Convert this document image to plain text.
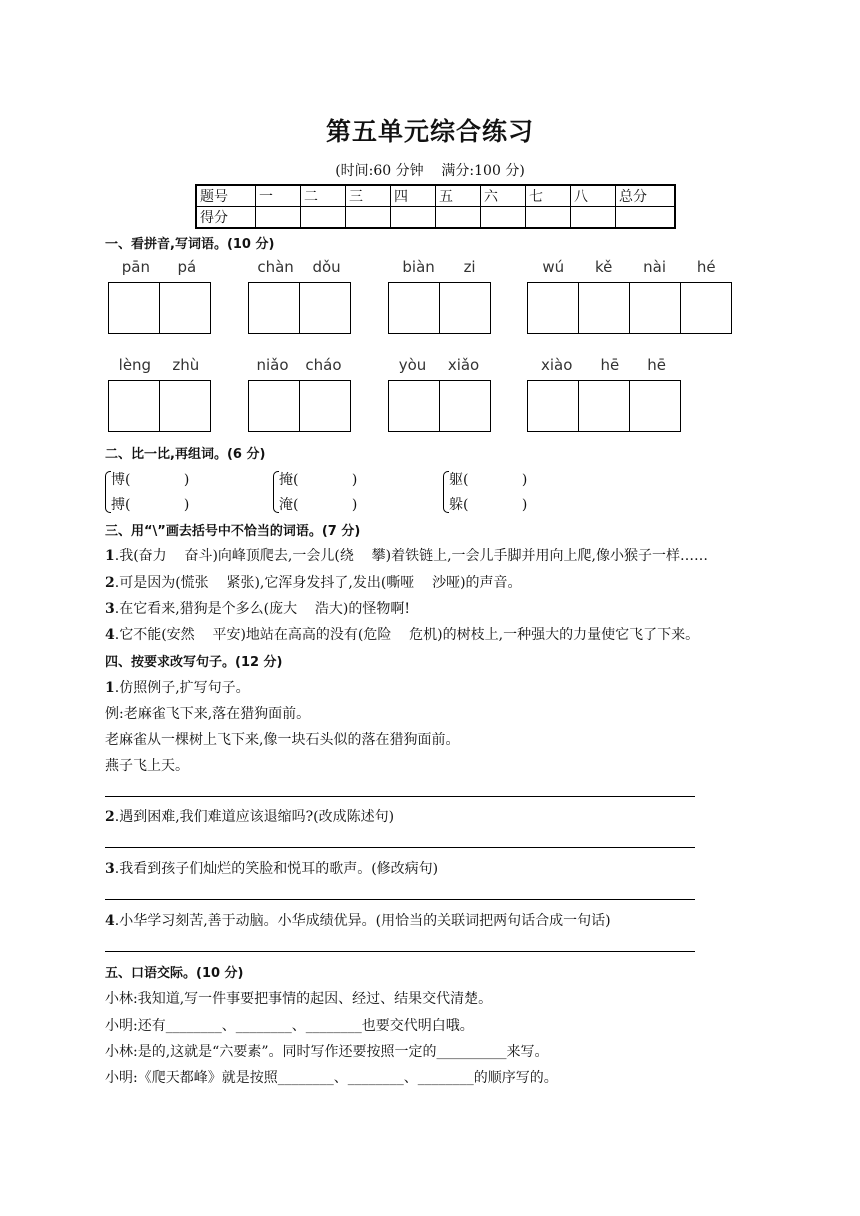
第五单元综合练习
(时间:60 分钟    满分:100 分)
题号	一	二	三	四	五	六	七	八	总分
得分									
一、看拼音,写词语。(10 分)
pān pá	chàn dǒu	biàn zi	wú kě nài hé
lèng zhù	niǎo cháo	yòu xiǎo	xiào hē hē
二、比一比,再组词。(6 分)
博(            )
搏(            )
掩(            )
淹(            )
躯(            )
躲(            )
三、用“\”画去括号中不恰当的词语。(7 分)
1.我(奋力    奋斗)向峰顶爬去,一会儿(绕    攀)着铁链上,一会儿手脚并用向上爬,像小猴子一样……
2.可是因为(慌张    紧张),它浑身发抖了,发出(嘶哑    沙哑)的声音。
3.在它看来,猎狗是个多么(庞大    浩大)的怪物啊!
4.它不能(安然    平安)地站在高高的没有(危险    危机)的树枝上,一种强大的力量使它飞了下来。
四、按要求改写句子。(12 分)
1.仿照例子,扩写句子。
例:老麻雀飞下来,落在猎狗面前。
老麻雀从一棵树上飞下来,像一块石头似的落在猎狗面前。
燕子飞上天。
2.遇到困难,我们难道应该退缩吗?(改成陈述句)
3.我看到孩子们灿烂的笑脸和悦耳的歌声。(修改病句)
4.小华学习刻苦,善于动脑。小华成绩优异。(用恰当的关联词把两句话合成一句话)
五、口语交际。(10 分)
小林:我知道,写一件事要把事情的起因、经过、结果交代清楚。
小明:还有________、________、________也要交代明白哦。
小林:是的,这就是“六要素”。同时写作还要按照一定的__________来写。
小明:《爬天都峰》就是按照________、________、________的顺序写的。
